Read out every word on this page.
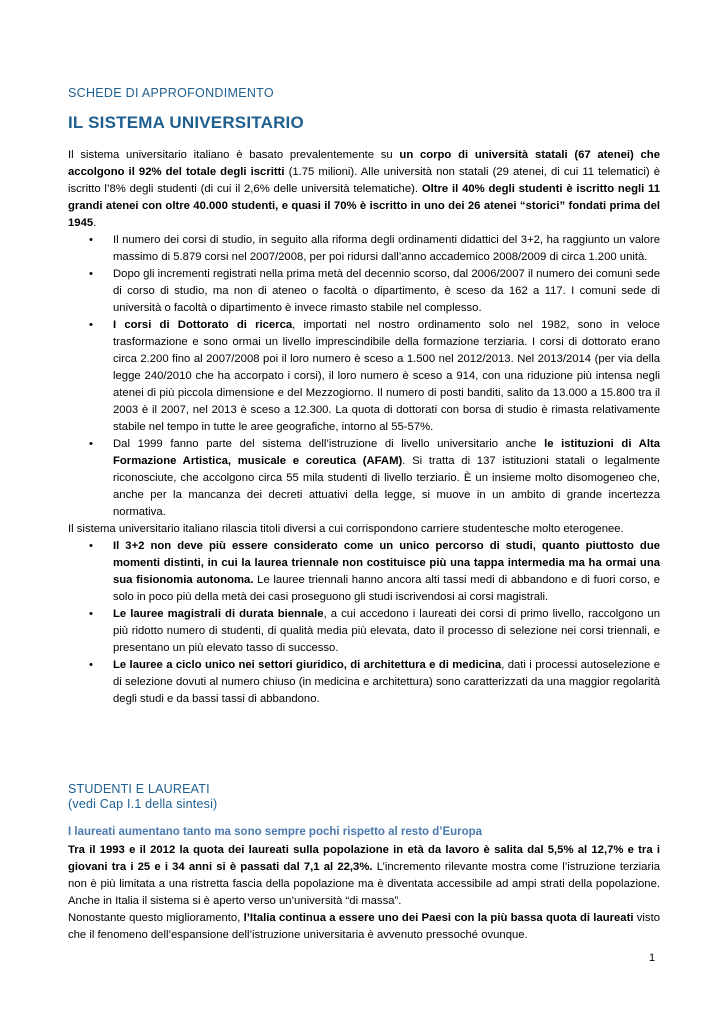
SCHEDE DI APPROFONDIMENTO
IL SISTEMA UNIVERSITARIO

Il sistema universitario italiano è basato prevalentemente su un corpo di università statali (67 atenei) che accolgono il 92% del totale degli iscritti (1.75 milioni). Alle università non statali (29 atenei, di cui 11 telematici) è iscritto l’8% degli studenti (di cui il 2,6% delle università telematiche). Oltre il 40% degli studenti è iscritto negli 11 grandi atenei con oltre 40.000 studenti, e quasi il 70% è iscritto in uno dei 26 atenei “storici” fondati prima del 1945.

• Il numero dei corsi di studio, in seguito alla riforma degli ordinamenti didattici del 3+2, ha raggiunto un valore massimo di 5.879 corsi nel 2007/2008, per poi ridursi dall’anno accademico 2008/2009 di circa 1.200 unità.
• Dopo gli incrementi registrati nella prima metà del decennio scorso, dal 2006/2007 il numero dei comuni sede di corso di studio, ma non di ateneo o facoltà o dipartimento, è sceso da 162 a 117. I comuni sede di università o facoltà o dipartimento è invece rimasto stabile nel complesso.
• I corsi di Dottorato di ricerca, importati nel nostro ordinamento solo nel 1982, sono in veloce trasformazione e sono ormai un livello imprescindibile della formazione terziaria. I corsi di dottorato erano circa 2.200 fino al 2007/2008 poi il loro numero è sceso a 1.500 nel 2012/2013. Nel 2013/2014 (per via della legge 240/2010 che ha accorpato i corsi), il loro numero è sceso a 914, con una riduzione più intensa negli atenei di più piccola dimensione e del Mezzogiorno. Il numero di posti banditi, salito da 13.000 a 15.800 tra il 2003 è il 2007, nel 2013 è sceso a 12.300. La quota di dottorati con borsa di studio è rimasta relativamente stabile nel tempo in tutte le aree geografiche, intorno al 55-57%.
• Dal 1999 fanno parte del sistema dell’istruzione di livello universitario anche le istituzioni di Alta Formazione Artistica, musicale e coreutica (AFAM). Si tratta di 137 istituzioni statali o legalmente riconosciute, che accolgono circa 55 mila studenti di livello terziario. È un insieme molto disomogeneo che, anche per la mancanza dei decreti attuativi della legge, si muove in un ambito di grande incertezza normativa.

Il sistema universitario italiano rilascia titoli diversi a cui corrispondono carriere studentesche molto eterogenee.

• Il 3+2 non deve più essere considerato come un unico percorso di studi, quanto piuttosto due momenti distinti, in cui la laurea triennale non costituisce più una tappa intermedia ma ha ormai una sua fisionomia autonoma. Le lauree triennali hanno ancora alti tassi medi di abbandono e di fuori corso, e solo in poco più della metà dei casi proseguono gli studi iscrivendosi ai corsi magistrali.
• Le lauree magistrali di durata biennale, a cui accedono i laureati dei corsi di primo livello, raccolgono un più ridotto numero di studenti, di qualità media più elevata, dato il processo di selezione nei corsi triennali, e presentano un più elevato tasso di successo.
• Le lauree a ciclo unico nei settori giuridico, di architettura e di medicina, dati i processi autoselezione e di selezione dovuti al numero chiuso (in medicina e architettura) sono caratterizzati da una maggior regolarità degli studi e da bassi tassi di abbandono.
STUDENTI E LAUREATI
(vedi Cap I.1 della sintesi)
I laureati aumentano tanto ma sono sempre pochi rispetto al resto d’Europa

Tra il 1993 e il 2012 la quota dei laureati sulla popolazione in età da lavoro è salita dal 5,5% al 12,7% e tra i giovani tra i 25 e i 34 anni si è passati dal 7,1 al 22,3%. L’incremento rilevante mostra come l’istruzione terziaria non è più limitata a una ristretta fascia della popolazione ma è diventata accessibile ad ampi strati della popolazione. Anche in Italia il sistema si è aperto verso un’università “di massa”.

Nonostante questo miglioramento, l’Italia continua a essere uno dei Paesi con la più bassa quota di laureati visto che il fenomeno dell’espansione dell’istruzione universitaria è avvenuto pressoché ovunque.

1
